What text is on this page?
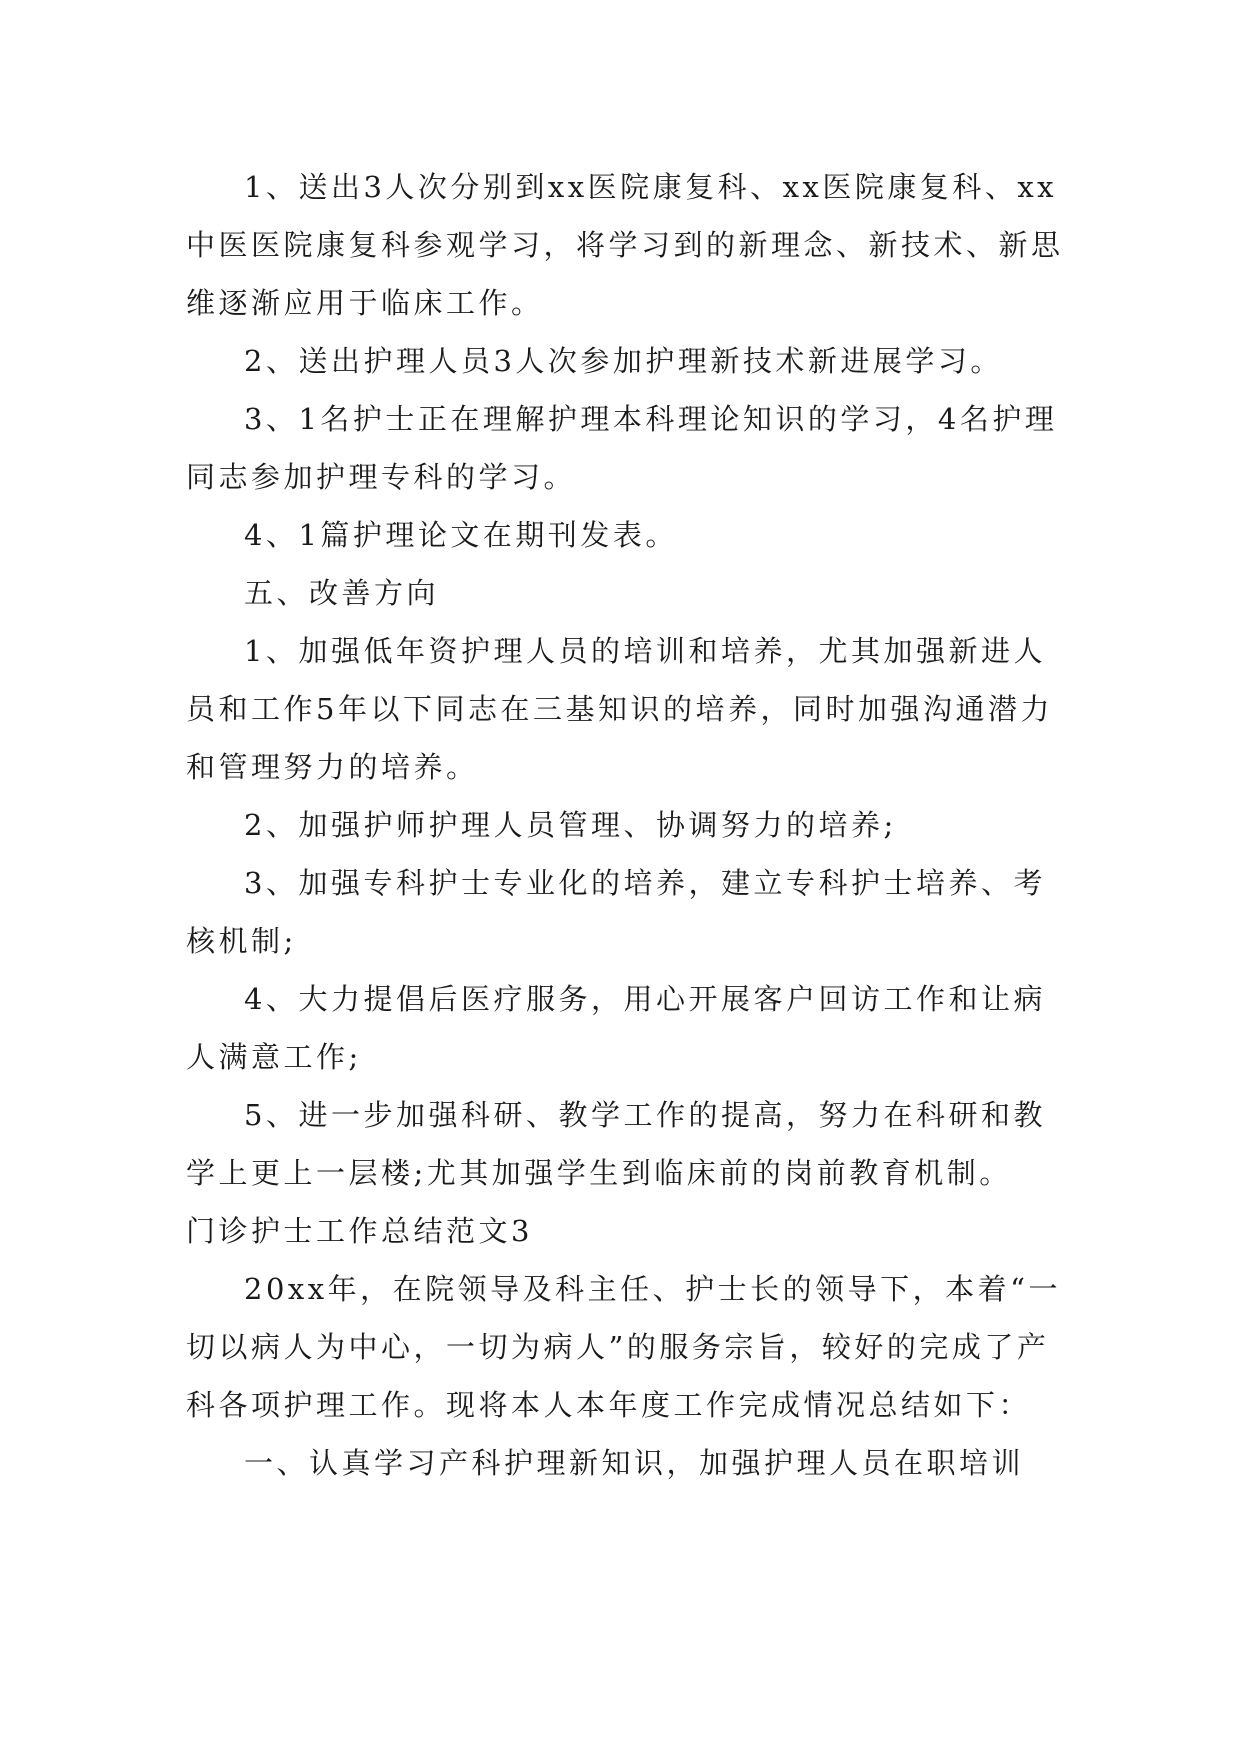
1、送出3人次分别到xx医院康复科、xx医院康复科、xx中医医院康复科参观学习，将学习到的新理念、新技术、新思维逐渐应用于临床工作。

2、送出护理人员3人次参加护理新技术新进展学习。

3、1名护士正在理解护理本科理论知识的学习，4名护理同志参加护理专科的学习。

4、1篇护理论文在期刊发表。

五、改善方向

1、加强低年资护理人员的培训和培养，尤其加强新进人员和工作5年以下同志在三基知识的培养，同时加强沟通潜力和管理努力的培养。

2、加强护师护理人员管理、协调努力的培养;

3、加强专科护士专业化的培养，建立专科护士培养、考核机制;

4、大力提倡后医疗服务，用心开展客户回访工作和让病人满意工作;

5、进一步加强科研、教学工作的提高，努力在科研和教学上更上一层楼;尤其加强学生到临床前的岗前教育机制。

门诊护士工作总结范文3

20xx年，在院领导及科主任、护士长的领导下，本着“一切以病人为中心，一切为病人”的服务宗旨，较好的完成了产科各项护理工作。现将本人本年度工作完成情况总结如下：

一、认真学习产科护理新知识，加强护理人员在职培训
